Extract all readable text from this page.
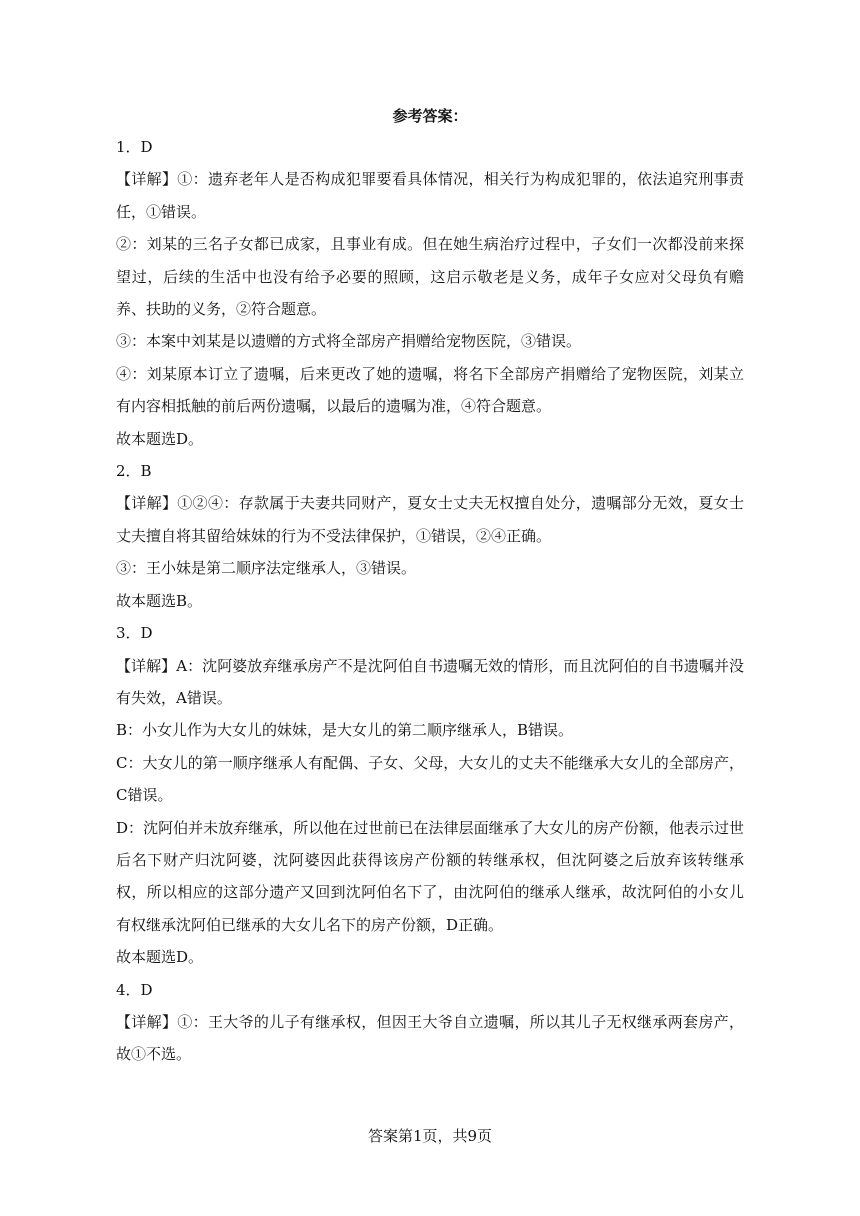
参考答案：

1．D

【详解】①：遗弃老年人是否构成犯罪要看具体情况，相关行为构成犯罪的，依法追究刑事责任，①错误。

②：刘某的三名子女都已成家，且事业有成。但在她生病治疗过程中，子女们一次都没前来探望过，后续的生活中也没有给予必要的照顾，这启示敬老是义务，成年子女应对父母负有赡养、扶助的义务，②符合题意。

③：本案中刘某是以遗赠的方式将全部房产捐赠给宠物医院，③错误。

④：刘某原本订立了遗嘱，后来更改了她的遗嘱，将名下全部房产捐赠给了宠物医院，刘某立有内容相抵触的前后两份遗嘱，以最后的遗嘱为准，④符合题意。

故本题选D。

2．B

【详解】①②④：存款属于夫妻共同财产，夏女士丈夫无权擅自处分，遗嘱部分无效，夏女士丈夫擅自将其留给妹妹的行为不受法律保护，①错误，②④正确。

③：王小妹是第二顺序法定继承人，③错误。

故本题选B。

3．D

【详解】A：沈阿婆放弃继承房产不是沈阿伯自书遗嘱无效的情形，而且沈阿伯的自书遗嘱并没有失效，A错误。

B：小女儿作为大女儿的妹妹，是大女儿的第二顺序继承人，B错误。

C：大女儿的第一顺序继承人有配偶、子女、父母，大女儿的丈夫不能继承大女儿的全部房产，C错误。

D：沈阿伯并未放弃继承，所以他在过世前已在法律层面继承了大女儿的房产份额，他表示过世后名下财产归沈阿婆，沈阿婆因此获得该房产份额的转继承权，但沈阿婆之后放弃该转继承权，所以相应的这部分遗产又回到沈阿伯名下了，由沈阿伯的继承人继承，故沈阿伯的小女儿有权继承沈阿伯已继承的大女儿名下的房产份额，D正确。

故本题选D。

4．D

【详解】①：王大爷的儿子有继承权，但因王大爷自立遗嘱，所以其儿子无权继承两套房产，故①不选。

答案第1页，共9页
